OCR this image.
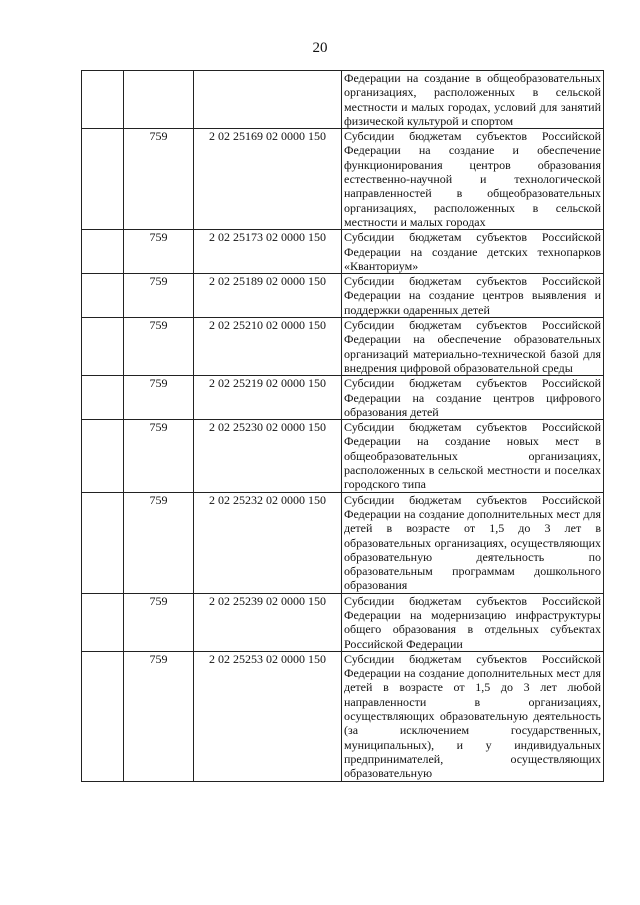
20
			Федерации на создание в общеобразовательных организациях, расположенных в сельской местности и малых городах, условий для занятий физической культурой и спортом
	759	2 02 25169 02 0000 150	Субсидии бюджетам субъектов Российской Федерации на создание и обеспечение функционирования центров образования естественно-научной и технологической направленностей в общеобразовательных организациях, расположенных в сельской местности и малых городах
	759	2 02 25173 02 0000 150	Субсидии бюджетам субъектов Российской Федерации на создание детских технопарков «Кванториум»
	759	2 02 25189 02 0000 150	Субсидии бюджетам субъектов Российской Федерации на создание центров выявления и поддержки одаренных детей
	759	2 02 25210 02 0000 150	Субсидии бюджетам субъектов Российской Федерации на обеспечение образовательных организаций материально-технической базой для внедрения цифровой образовательной среды
	759	2 02 25219 02 0000 150	Субсидии бюджетам субъектов Российской Федерации на создание центров цифрового образования детей
	759	2 02 25230 02 0000 150	Субсидии бюджетам субъектов Российской Федерации на создание новых мест в общеобразовательных организациях, расположенных в сельской местности и поселках городского типа
	759	2 02 25232 02 0000 150	Субсидии бюджетам субъектов Российской Федерации на создание дополнительных мест для детей в возрасте от 1,5 до 3 лет в образовательных организациях, осуществляющих образовательную деятельность по образовательным программам дошкольного образования
	759	2 02 25239 02 0000 150	Субсидии бюджетам субъектов Российской Федерации на модернизацию инфраструктуры общего образования в отдельных субъектах Российской Федерации
	759	2 02 25253 02 0000 150	Субсидии бюджетам субъектов Российской Федерации на создание дополнительных мест для детей в возрасте от 1,5 до 3 лет любой направленности в организациях, осуществляющих образовательную деятельность (за исключением государственных, муниципальных), и у индивидуальных предпринимателей, осуществляющих образовательную
